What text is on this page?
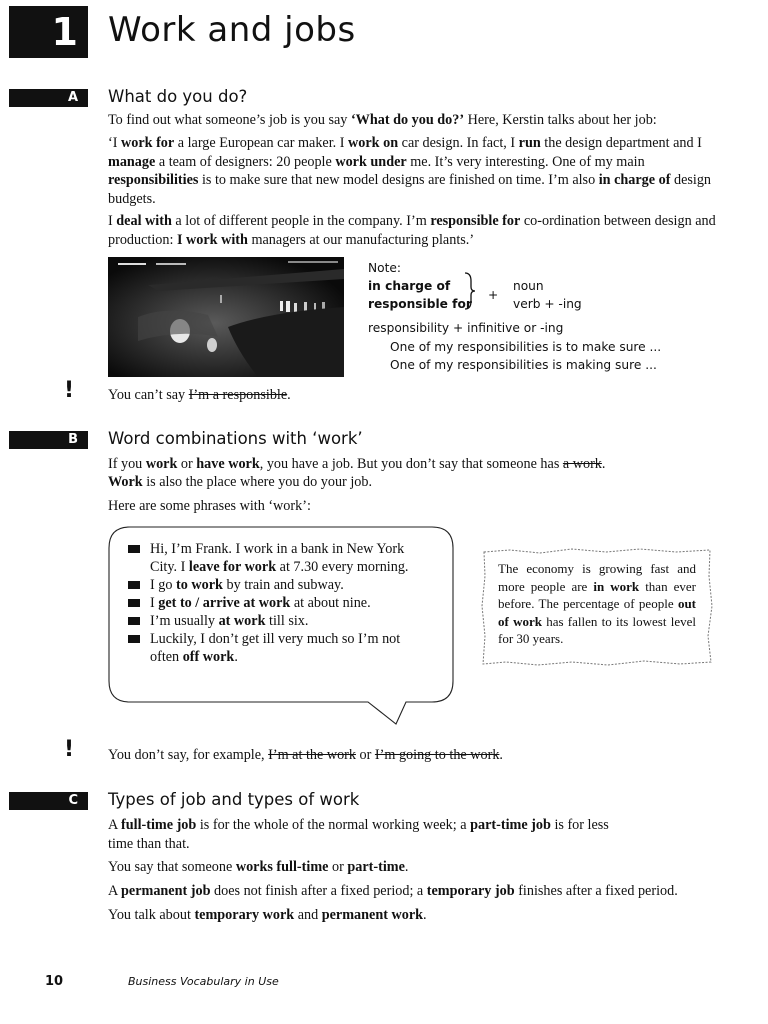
1 Work and jobs
A What do you do?
To find out what someone’s job is you say ‘What do you do?’ Here, Kerstin talks about her job:
‘I work for a large European car maker. I work on car design. In fact, I run the design department and I manage a team of designers: 20 people work under me. It’s very interesting. One of my main responsibilities is to make sure that new model designs are finished on time. I’m also in charge of design budgets.
I deal with a lot of different people in the company. I’m responsible for co-ordination between design and production: I work with managers at our manufacturing plants.’
Note:
in charge of
responsible for
+
noun
verb + -ing
responsibility + infinitive or -ing
One of my responsibilities is to make sure ...
One of my responsibilities is making sure ...
! You can’t say I’m a responsible.
B Word combinations with ‘work’
If you work or have work, you have a job. But you don’t say that someone has a work.
Work is also the place where you do your job.
Here are some phrases with ‘work’:
Hi, I’m Frank. I work in a bank in New York City. I leave for work at 7.30 every morning.
I go to work by train and subway.
I get to / arrive at work at about nine.
I’m usually at work till six.
Luckily, I don’t get ill very much so I’m not often off work.
The economy is growing fast and more people are in work than ever before. The percentage of people out of work has fallen to its lowest level for 30 years.
! You don’t say, for example, I’m at the work or I’m going to the work.
C Types of job and types of work
A full-time job is for the whole of the normal working week; a part-time job is for less time than that.
You say that someone works full-time or part-time.
A permanent job does not finish after a fixed period; a temporary job finishes after a fixed period.
You talk about temporary work and permanent work.
10	Business Vocabulary in Use
